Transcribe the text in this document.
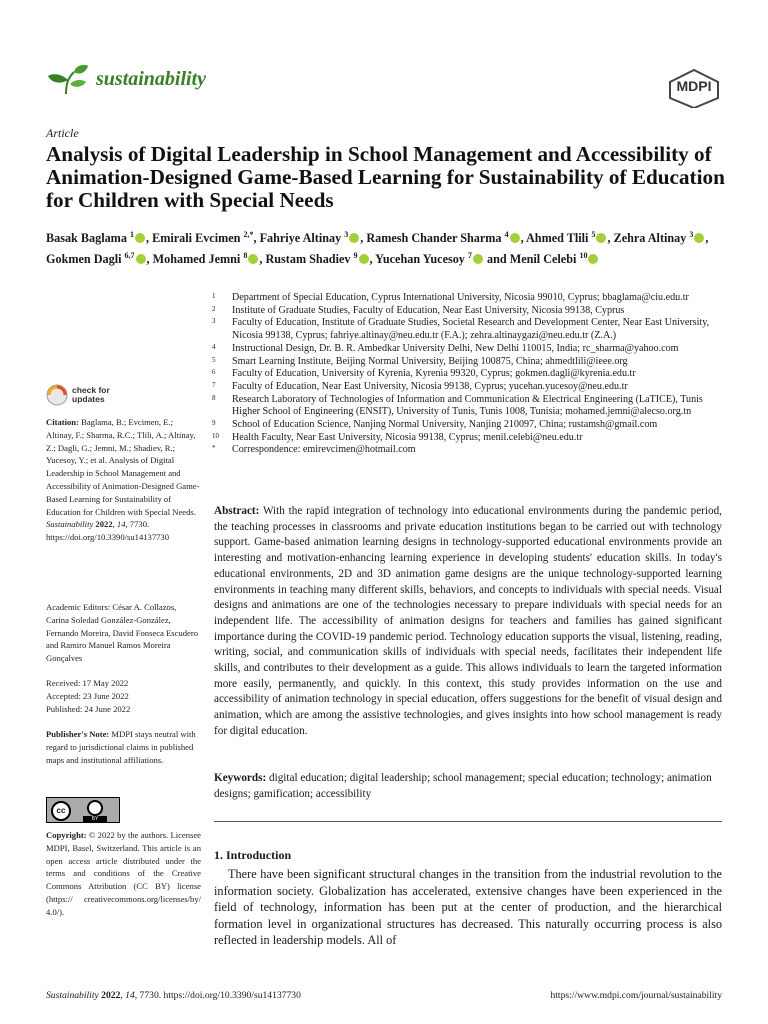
sustainability	MDPI
Article
Analysis of Digital Leadership in School Management and Accessibility of Animation-Designed Game-Based Learning for Sustainability of Education for Children with Special Needs
Basak Baglama $^1$ , Emirali Evcimen $^{2,*}$, Fahriye Altinay $^3$ , Ramesh Chander Sharma $^4$ , Ahmed Tlili $^5$ , Zehra Altinay $^3$ , Gokmen Dagli $^{6,7}$ , Mohamed Jemni $^8$ , Rustam Shadiev $^9$ , Yucehan Yucesoy $^7$ and Menil Celebi $^{10}$
1 Department of Special Education, Cyprus International University, Nicosia 99010, Cyprus; bbaglama@ciu.edu.tr
2 Institute of Graduate Studies, Faculty of Education, Near East University, Nicosia 99138, Cyprus
3 Faculty of Education, Institute of Graduate Studies, Societal Research and Development Center, Near East University, Nicosia 99138, Cyprus; fahriye.altinay@neu.edu.tr (F.A.); zehra.altinaygazi@neu.edu.tr (Z.A.)
4 Instructional Design, Dr. B. R. Ambedkar University Delhi, New Delhi 110015, India; rc_sharma@yahoo.com
5 Smart Learning Institute, Beijing Normal University, Beijing 100875, China; ahmedtlili@ieee.org
6 Faculty of Education, University of Kyrenia, Kyrenia 99320, Cyprus; gokmen.dagli@kyrenia.edu.tr
7 Faculty of Education, Near East University, Nicosia 99138, Cyprus; yucehan.yucesoy@neu.edu.tr
8 Research Laboratory of Technologies of Information and Communication & Electrical Engineering (LaTICE), Tunis Higher School of Engineering (ENSIT), University of Tunis, Tunis 1008, Tunisia; mohamed.jemni@alecso.org.tn
9 School of Education Science, Nanjing Normal University, Nanjing 210097, China; rustamsh@gmail.com
10 Health Faculty, Near East University, Nicosia 99138, Cyprus; menil.celebi@neu.edu.tr
* Correspondence: emirevcimen@hotmail.com
check for
updates
Citation: Baglama, B.; Evcimen, E.; Altinay, F.; Sharma, R.C.; Tlili, A.; Altinay, Z.; Dagli, G.; Jemni, M.; Shadiev, R.; Yucesoy, Y.; et al. Analysis of Digital Leadership in School Management and Accessibility of Animation-Designed Game-Based Learning for Sustainability of Education for Children with Special Needs. Sustainability 2022, 14, 7730. https://doi.org/10.3390/su14137730
Academic Editors: César A. Collazos, Carina Soledad González-González, Fernando Moreira, David Fonseca Escudero and Ramiro Manuel Ramos Moreira Gonçalves
Received: 17 May 2022
Accepted: 23 June 2022
Published: 24 June 2022
Publisher's Note: MDPI stays neutral with regard to jurisdictional claims in published maps and institutional affiliations.
cc
BY
Copyright: © 2022 by the authors. Licensee MDPI, Basel, Switzerland. This article is an open access article distributed under the terms and conditions of the Creative Commons Attribution (CC BY) license (https:// creativecommons.org/licenses/by/ 4.0/).
Abstract: With the rapid integration of technology into educational environments during the pandemic period, the teaching processes in classrooms and private education institutions began to be carried out with technology support. Game-based animation learning designs in technology-supported educational environments provide an interesting and motivation-enhancing learning experience in developing students' education skills. In today's educational environments, 2D and 3D animation game designs are the unique technology-supported learning environments in teaching many different skills, behaviors, and concepts to individuals with special needs. Visual designs and animations are one of the technologies necessary to prepare individuals with special needs for an independent life. The accessibility of animation designs for teachers and families has gained significant importance during the COVID-19 pandemic period. Technology education supports the visual, listening, reading, writing, social, and communication skills of individuals with special needs, facilitates their independent life skills, and contributes to their development as a guide. This allows individuals to learn the targeted information more easily, permanently, and quickly. In this context, this study provides information on the use and accessibility of animation technology in special education, offers suggestions for the benefit of visual design and animation, which are among the assistive technologies, and gives insights into how school management is ready for digital education.
Keywords: digital education; digital leadership; school management; special education; technology; animation designs; gamification; accessibility
1. Introduction
There have been significant structural changes in the transition from the industrial revolution to the information society. Globalization has accelerated, extensive changes have been experienced in the field of technology, information has been put at the center of production, and the hierarchical formation level in organizational structures has decreased. This naturally occurring process is also reflected in leadership models. All of
Sustainability 2022, 14, 7730. https://doi.org/10.3390/su14137730	https://www.mdpi.com/journal/sustainability
